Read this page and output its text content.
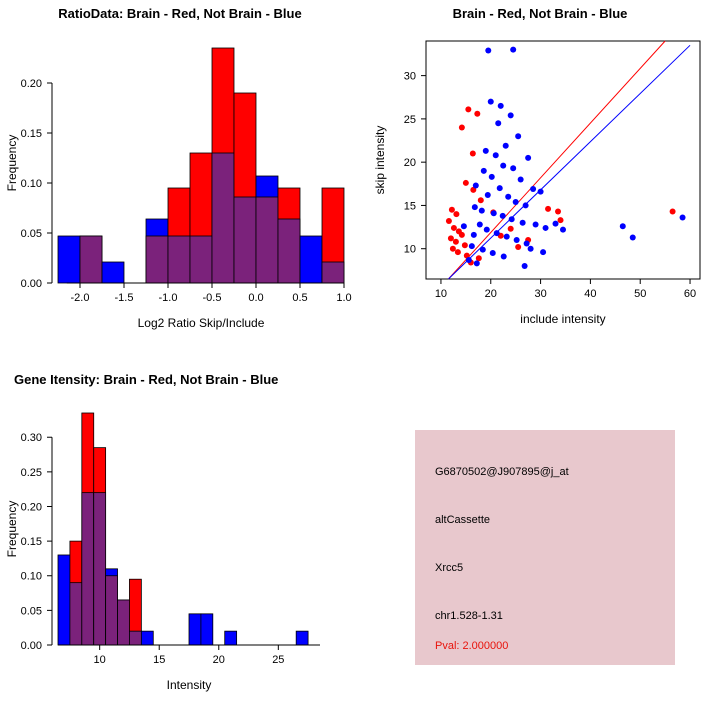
RatioData: Brain - Red, Not Brain - Blue
-2.0 -1.5 -1.0 -0.5 0.0	0.5	1.0
0.00
0.05
0.10
0.15
0.20
Log2 Ratio Skip/Include
Frequency
Brain - Red, Not Brain - Blue
10	20	30	40	50	60
10
15
20
25
30
include intensity
skip intensity
Gene Itensity: Brain - Red, Not Brain - Blue
10	15	20	25
0.00
0.05
0.10
0.15
0.20
0.25
0.30
Intensity
Frequency
G6870502@J907895@j_at
altCassette
Xrcc5
chr1.528-1.31
Pval: 2.000000
